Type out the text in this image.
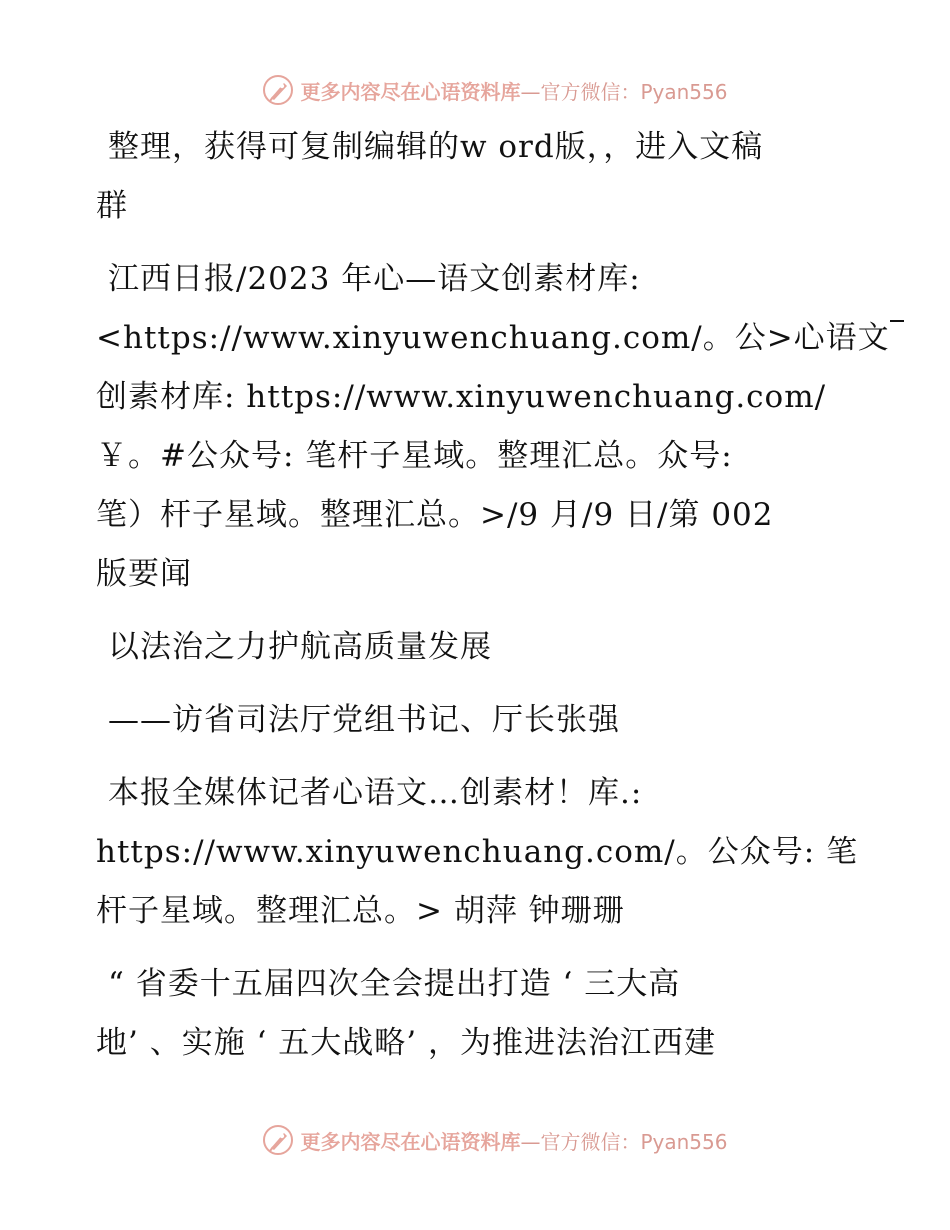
更多内容尽在心语资料库—官方微信：Pyan556
整理，获得可复制编辑的w ord版，，进入文稿
群
江西日报/2023 年心—语文创素材库:
<https://www.xinyuwenchuang.com/。公>心语文
创素材库: https://www.xinyuwenchuang.com/
￥。#公众号: 笔杆子星域。整理汇总。众号:
笔）杆子星域。整理汇总。>/9 月/9 日/第 002
版要闻
以法治之力护航高质量发展
——访省司法厅党组书记、厅长张强
本报全媒体记者心语文…创素材！库.:
https://www.xinyuwenchuang.com/。公众号: 笔
杆子星域。整理汇总。> 胡萍 钟珊珊
“ 省委十五届四次全会提出打造 ‘ 三大高
地’ 、实施 ‘ 五大战略’ ，为推进法治江西建
更多内容尽在心语资料库—官方微信：Pyan556
